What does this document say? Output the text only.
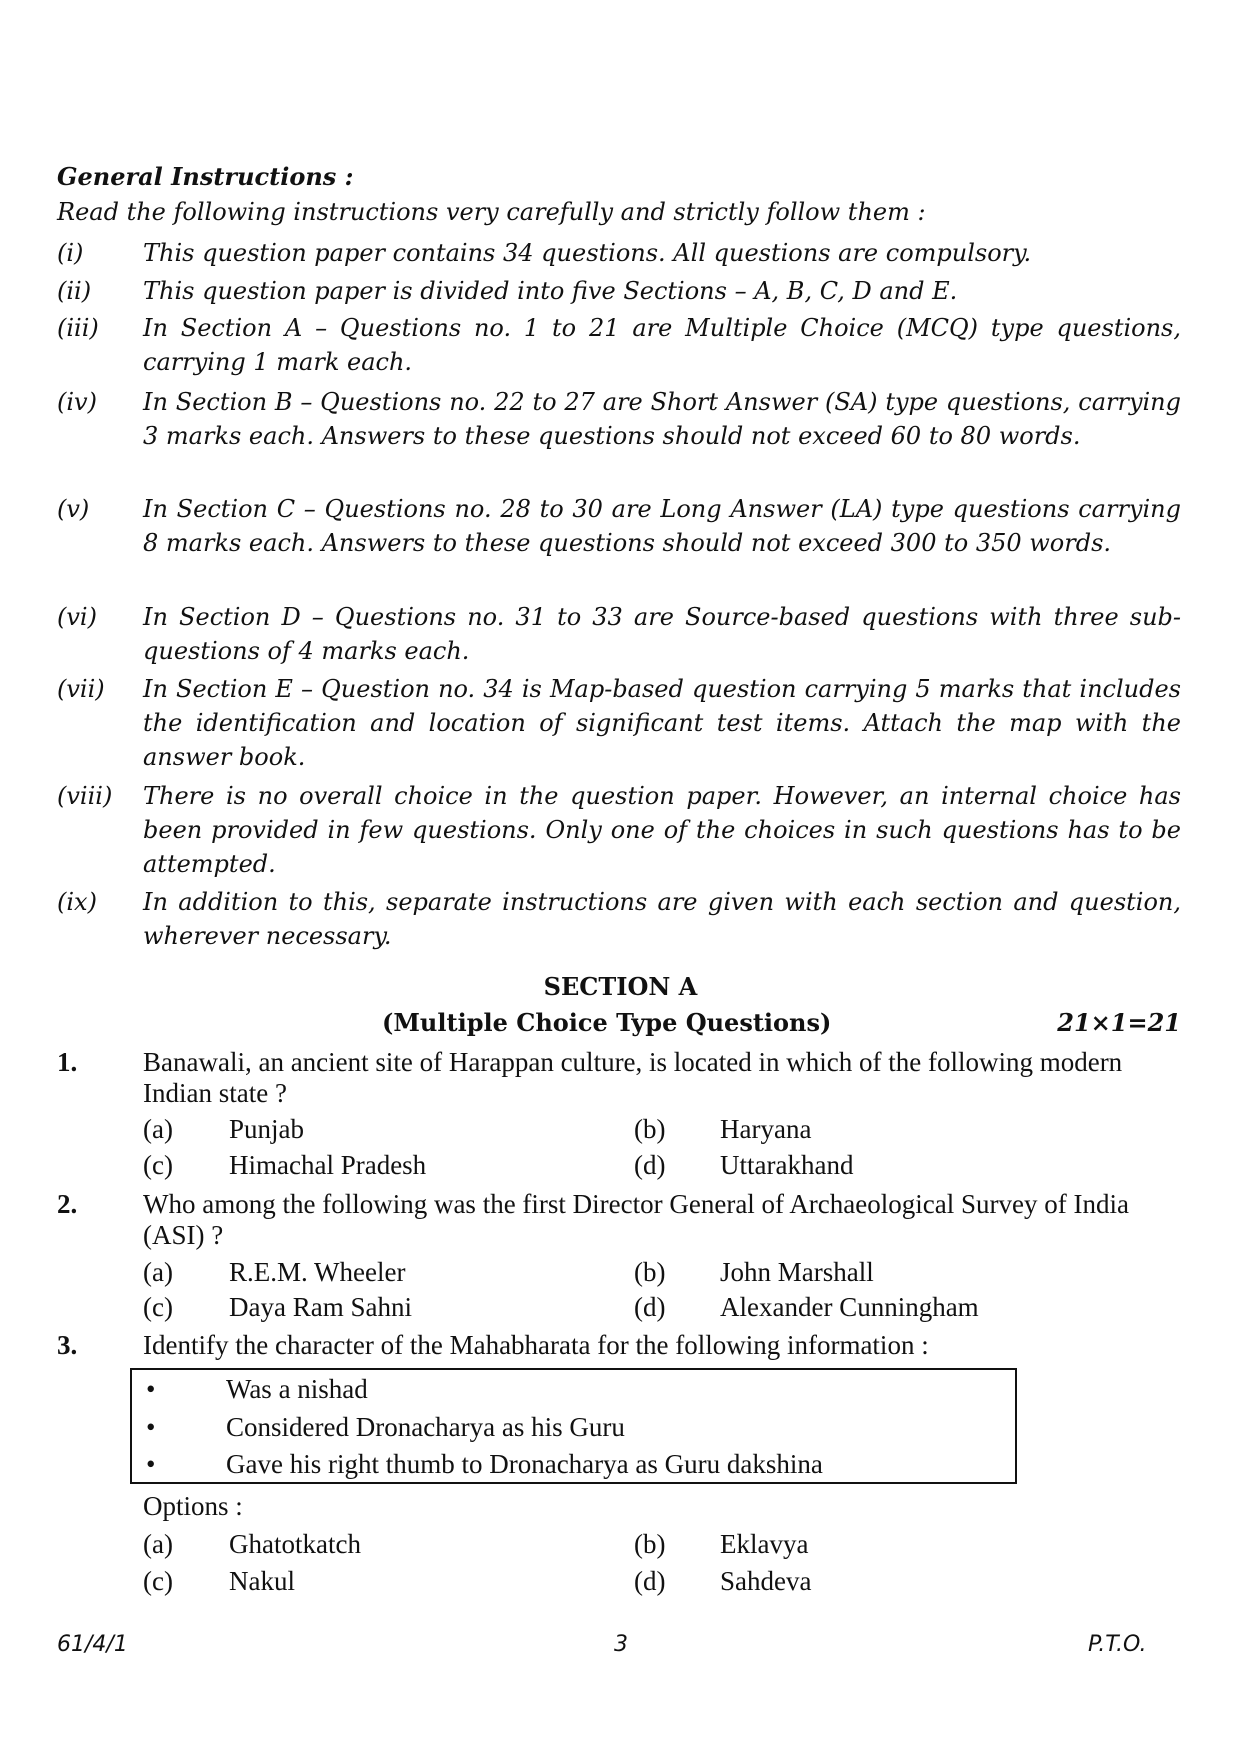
General Instructions :
Read the following instructions very carefully and strictly follow them :
(i) This question paper contains 34 questions. All questions are compulsory.
(ii) This question paper is divided into five Sections – A, B, C, D and E.
(iii) In Section A – Questions no. 1 to 21 are Multiple Choice (MCQ) type questions, carrying 1 mark each.
(iv) In Section B – Questions no. 22 to 27 are Short Answer (SA) type questions, carrying 3 marks each. Answers to these questions should not exceed 60 to 80 words.
(v) In Section C – Questions no. 28 to 30 are Long Answer (LA) type questions carrying 8 marks each. Answers to these questions should not exceed 300 to 350 words.
(vi) In Section D – Questions no. 31 to 33 are Source-based questions with three sub-questions of 4 marks each.
(vii) In Section E – Question no. 34 is Map-based question carrying 5 marks that includes the identification and location of significant test items. Attach the map with the answer book.
(viii) There is no overall choice in the question paper. However, an internal choice has been provided in few questions. Only one of the choices in such questions has to be attempted.
(ix) In addition to this, separate instructions are given with each section and question, wherever necessary.
SECTION A
(Multiple Choice Type Questions)	21×1=21
1. Banawali, an ancient site of Harappan culture, is located in which of the following modern Indian state ?
(a) Punjab	(b) Haryana
(c) Himachal Pradesh	(d) Uttarakhand
2. Who among the following was the first Director General of Archaeological Survey of India (ASI) ?
(a) R.E.M. Wheeler	(b) John Marshall
(c) Daya Ram Sahni	(d) Alexander Cunningham
3. Identify the character of the Mahabharata for the following information :
•	Was a nishad
•	Considered Dronacharya as his Guru
•	Gave his right thumb to Dronacharya as Guru dakshina
Options :
(a) Ghatotkatch	(b) Eklavya
(c) Nakul	(d) Sahdeva
61/4/1	3	P.T.O.
